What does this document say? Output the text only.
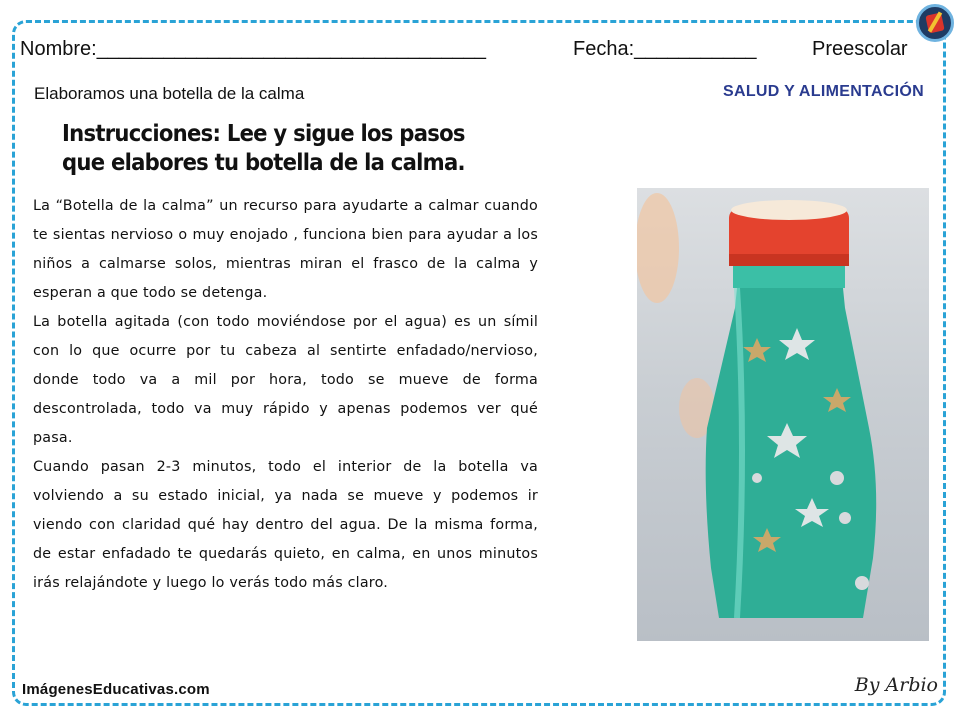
Nombre:___________________________________	Fecha:___________	Preescolar
Elaboramos una botella de la calma	SALUD Y ALIMENTACIÓN
Instrucciones: Lee y sigue los pasos que elabores tu botella de la calma.

La “Botella de la calma” un recurso para ayudarte a calmar cuando te sientas nervioso o muy enojado , funciona bien para ayudar a los niños a calmarse solos, mientras miran el frasco de la calma y esperan a que todo se detenga.

La botella agitada (con todo moviéndose por el agua) es un símil con lo que ocurre por tu cabeza al sentirte enfadado/nervioso, donde todo va a mil por hora, todo se mueve de forma descontrolada, todo va muy rápido y apenas podemos ver qué pasa.

Cuando pasan 2-3 minutos, todo el interior de la botella va volviendo a su estado inicial, ya nada se mueve y podemos ir viendo con claridad qué hay dentro del agua. De la misma forma, de estar enfadado te quedarás quieto, en calma, en unos minutos irás relajándote y luego lo verás todo más claro.

ImágenesEducativas.com	By Arbio
